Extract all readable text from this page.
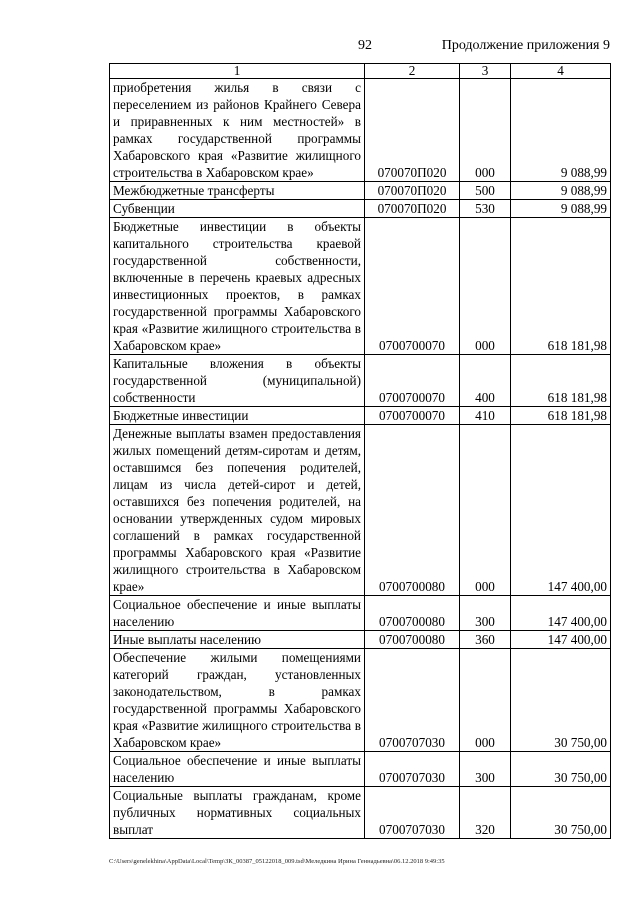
92	Продолжение приложения 9
1	2	3	4
приобретения жилья в связи с переселением из районов Крайнего Севера и приравненных к ним местностей» в рамках государственной программы Хабаровского края «Развитие жилищного строительства в Хабаровском крае»	070070П020	000	9 088,99
Межбюджетные трансферты	070070П020	500	9 088,99
Субвенции	070070П020	530	9 088,99
Бюджетные инвестиции в объекты капитального строительства краевой государственной собственности, включенные в перечень краевых адресных инвестиционных проектов, в рамках государственной программы Хабаровского края «Развитие жилищного строительства в Хабаровском крае»	0700700070	000	618 181,98
Капитальные вложения в объекты государственной (муниципальной) собственности	0700700070	400	618 181,98
Бюджетные инвестиции	0700700070	410	618 181,98
Денежные выплаты взамен предоставления жилых помещений детям-сиротам и детям, оставшимся без попечения родителей, лицам из числа детей-сирот и детей, оставшихся без попечения родителей, на основании утвержденных судом мировых соглашений в рамках государственной программы Хабаровского края «Развитие жилищного строительства в Хабаровском крае»	0700700080	000	147 400,00
Социальное обеспечение и иные выплаты населению	0700700080	300	147 400,00
Иные выплаты населению	0700700080	360	147 400,00
Обеспечение жилыми помещениями категорий граждан, установленных законодательством, в рамках государственной программы Хабаровского края «Развитие жилищного строительства в Хабаровском крае»	0700707030	000	30 750,00
Социальное обеспечение и иные выплаты населению	0700707030	300	30 750,00
Социальные выплаты гражданам, кроме публичных нормативных социальных выплат	0700707030	320	30 750,00
C:\Users\genelekhina\AppData\Local\Temp\ЗК_00387_05122018_009.tsd\Меледкина Ирина Геннадьевна\06.12.2018 9:49:35
